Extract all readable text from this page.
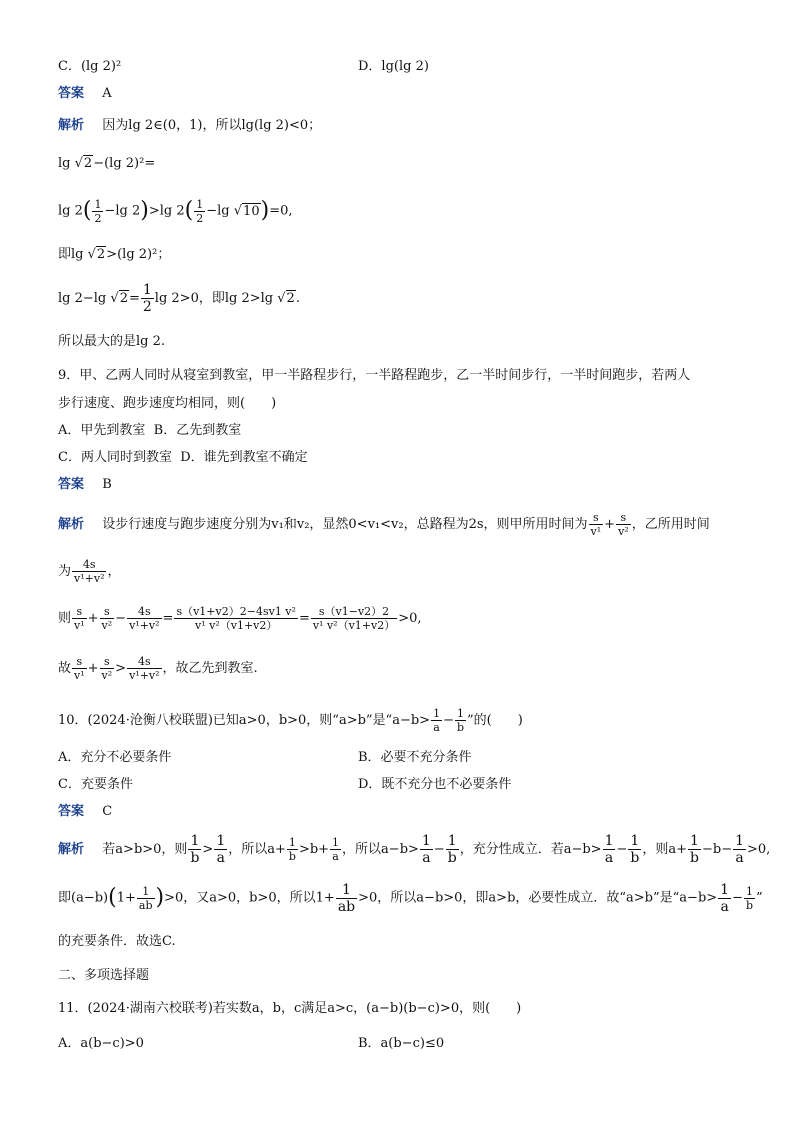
C．(lg 2)²	D．lg(lg 2)
答案 A
解析 因为lg 2∈(0，1)，所以lg(lg 2)<0；
lg √2−(lg 2)²=
$\lg 2( \frac{1}{2} -\lg$ 2)>lg $2( \frac{1}{2} -\lg$ √10)=0,
即lg √2>(lg 2)²；
lg 2−lg $√2= \frac{1}{2}$ lg 2>0，即lg 2>lg √2.
所以最大的是lg 2.
9．甲、乙两人同时从寝室到教室，甲一半路程步行，一半路程跑步，乙一半时间步行，一半时间跑步，若两人
步行速度、跑步速度均相同，则(　　)
A．甲先到教室 B．乙先到教室
C．两人同时到教室 D．谁先到教室不确定
答案 B
解析 设步行速度与跑步速度分别为v₁和v₂，显然0<v₁<v₂，总路程为2s，则甲所用时间为 $\frac{s}{\text{v¹}} + \frac{s}{\text{v²}}$ ，乙所用时间
为 $\frac{4s}{\text{v¹+v²}}$ ，
则 $\frac{s}{\text{v¹}} + \frac{s}{\text{v²}} - \frac{4s}{\text{v¹+v²}} = \frac{\text{s（v1+v2）2−4sv1 v²}}{\text{v¹ v²（v1+v2）}} = \frac{s(v1-v2)2}{\text{v¹ v²（v1+v2）}} >0$,
故 $\frac{s}{\text{v¹}} + \frac{s}{\text{v²}} > \frac{4s}{\text{v¹+v²}}$ ，故乙先到教室.
10．(2024·沧衡八校联盟)已知a>0，b>0，则“a>b”是“$a-b> \frac{1}{a} - \frac{1}{b}$ ”的(　　)
A．充分不必要条件	B．必要不充分条件
C．充要条件	D．既不充分也不必要条件
答案 C
解析 若a>b>0，则 $\frac{1}{b} > \frac{1}{a}$ ，所以$a+ \frac{1}{b} >b+ \frac{1}{a}$ ，所以$a-b> \frac{1}{a} - \frac{1}{b}$ ，充分性成立．若$a-b> \frac{1}{a} - \frac{1}{b}$ ，则$a+ \frac{1}{b} -b- \frac{1}{a} >0$,
即$(a-b)(1+ \frac{1}{ab} )>0$，又a>0，b>0，所以$1+ \frac{1}{ab} >0$，所以a−b>0，即a>b，必要性成立．故“a>b”是“$a-b> \frac{1}{a} - \frac{1}{b}$ ”
的充要条件．故选C.
二、多项选择题
11．(2024·湖南六校联考)若实数a，b，c满足a>c，(a−b)(b−c)>0，则(　　)
A．a(b−c)>0	B．a(b−c)≤0
